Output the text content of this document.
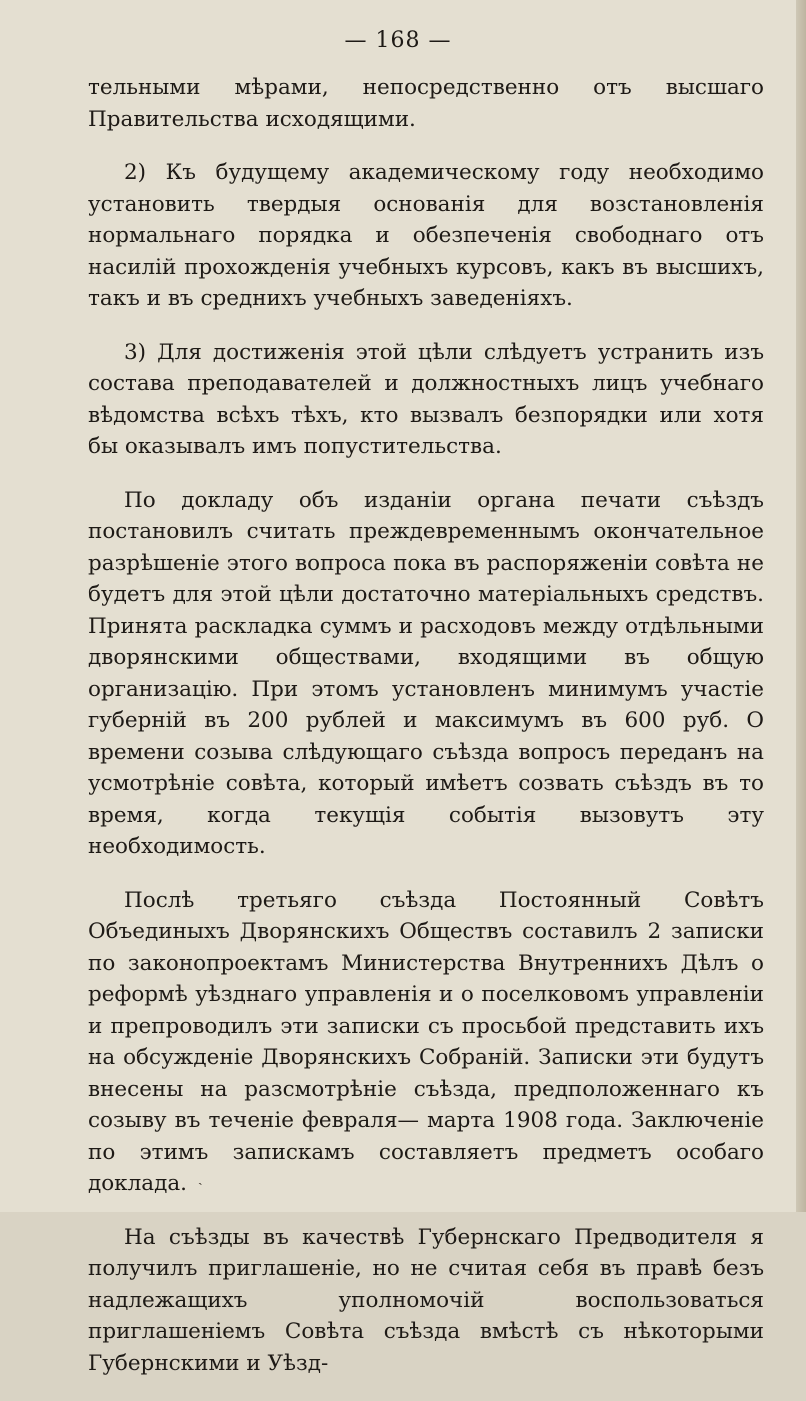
— 168 —

тельными мѣрами, непосредственно отъ высшаго Правительства исходящими.

2) Къ будущему академическому году необходимо установить твердыя основанія для возстановленія нормальнаго порядка и обезпеченія свободнаго отъ насилій прохожденія учебныхъ курсовъ, какъ въ высшихъ, такъ и въ среднихъ учебныхъ заведеніяхъ.

3) Для достиженія этой цѣли слѣдуетъ устранить изъ состава преподавателей и должностныхъ лицъ учебнаго вѣдомства всѣхъ тѣхъ, кто вызвалъ безпорядки или хотя бы оказывалъ имъ попустительства.

По докладу объ изданіи органа печати съѣздъ постановилъ считать преждевременнымъ окончательное разрѣшеніе этого вопроса пока въ распоряженіи совѣта не будетъ для этой цѣли достаточно матеріальныхъ средствъ. Принята раскладка суммъ и расходовъ между отдѣльными дворянскими обществами, входящими въ общую организацію. При этомъ установленъ минимумъ участіе губерній въ 200 рублей и максимумъ въ 600 руб. О времени созыва слѣдующаго съѣзда вопросъ переданъ на усмотрѣніе совѣта, который имѣетъ созвать съѣздъ въ то время, когда текущія событія вызовутъ эту необходимость.

Послѣ третьяго съѣзда Постоянный Совѣтъ Объединыхъ Дворянскихъ Обществъ составилъ 2 записки по законопроектамъ Министерства Внутреннихъ Дѣлъ о реформѣ уѣзднаго управленія и о поселковомъ управленіи и препроводилъ эти записки съ просьбой представить ихъ на обсужденіе Дворянскихъ Собраній. Записки эти будутъ внесены на разсмотрѣніе съѣзда, предположеннаго къ созыву въ теченіе февраля— марта 1908 года. Заключеніе по этимъ запискамъ составляетъ предметъ особаго доклада.

На съѣзды въ качествѣ Губернскаго Предводителя я получилъ приглашеніе, но не считая себя въ правѣ безъ надлежащихъ уполномочій воспользоваться приглашеніемъ Совѣта съѣзда вмѣстѣ съ нѣкоторыми Губернскими и Уѣзд-

ˎ
